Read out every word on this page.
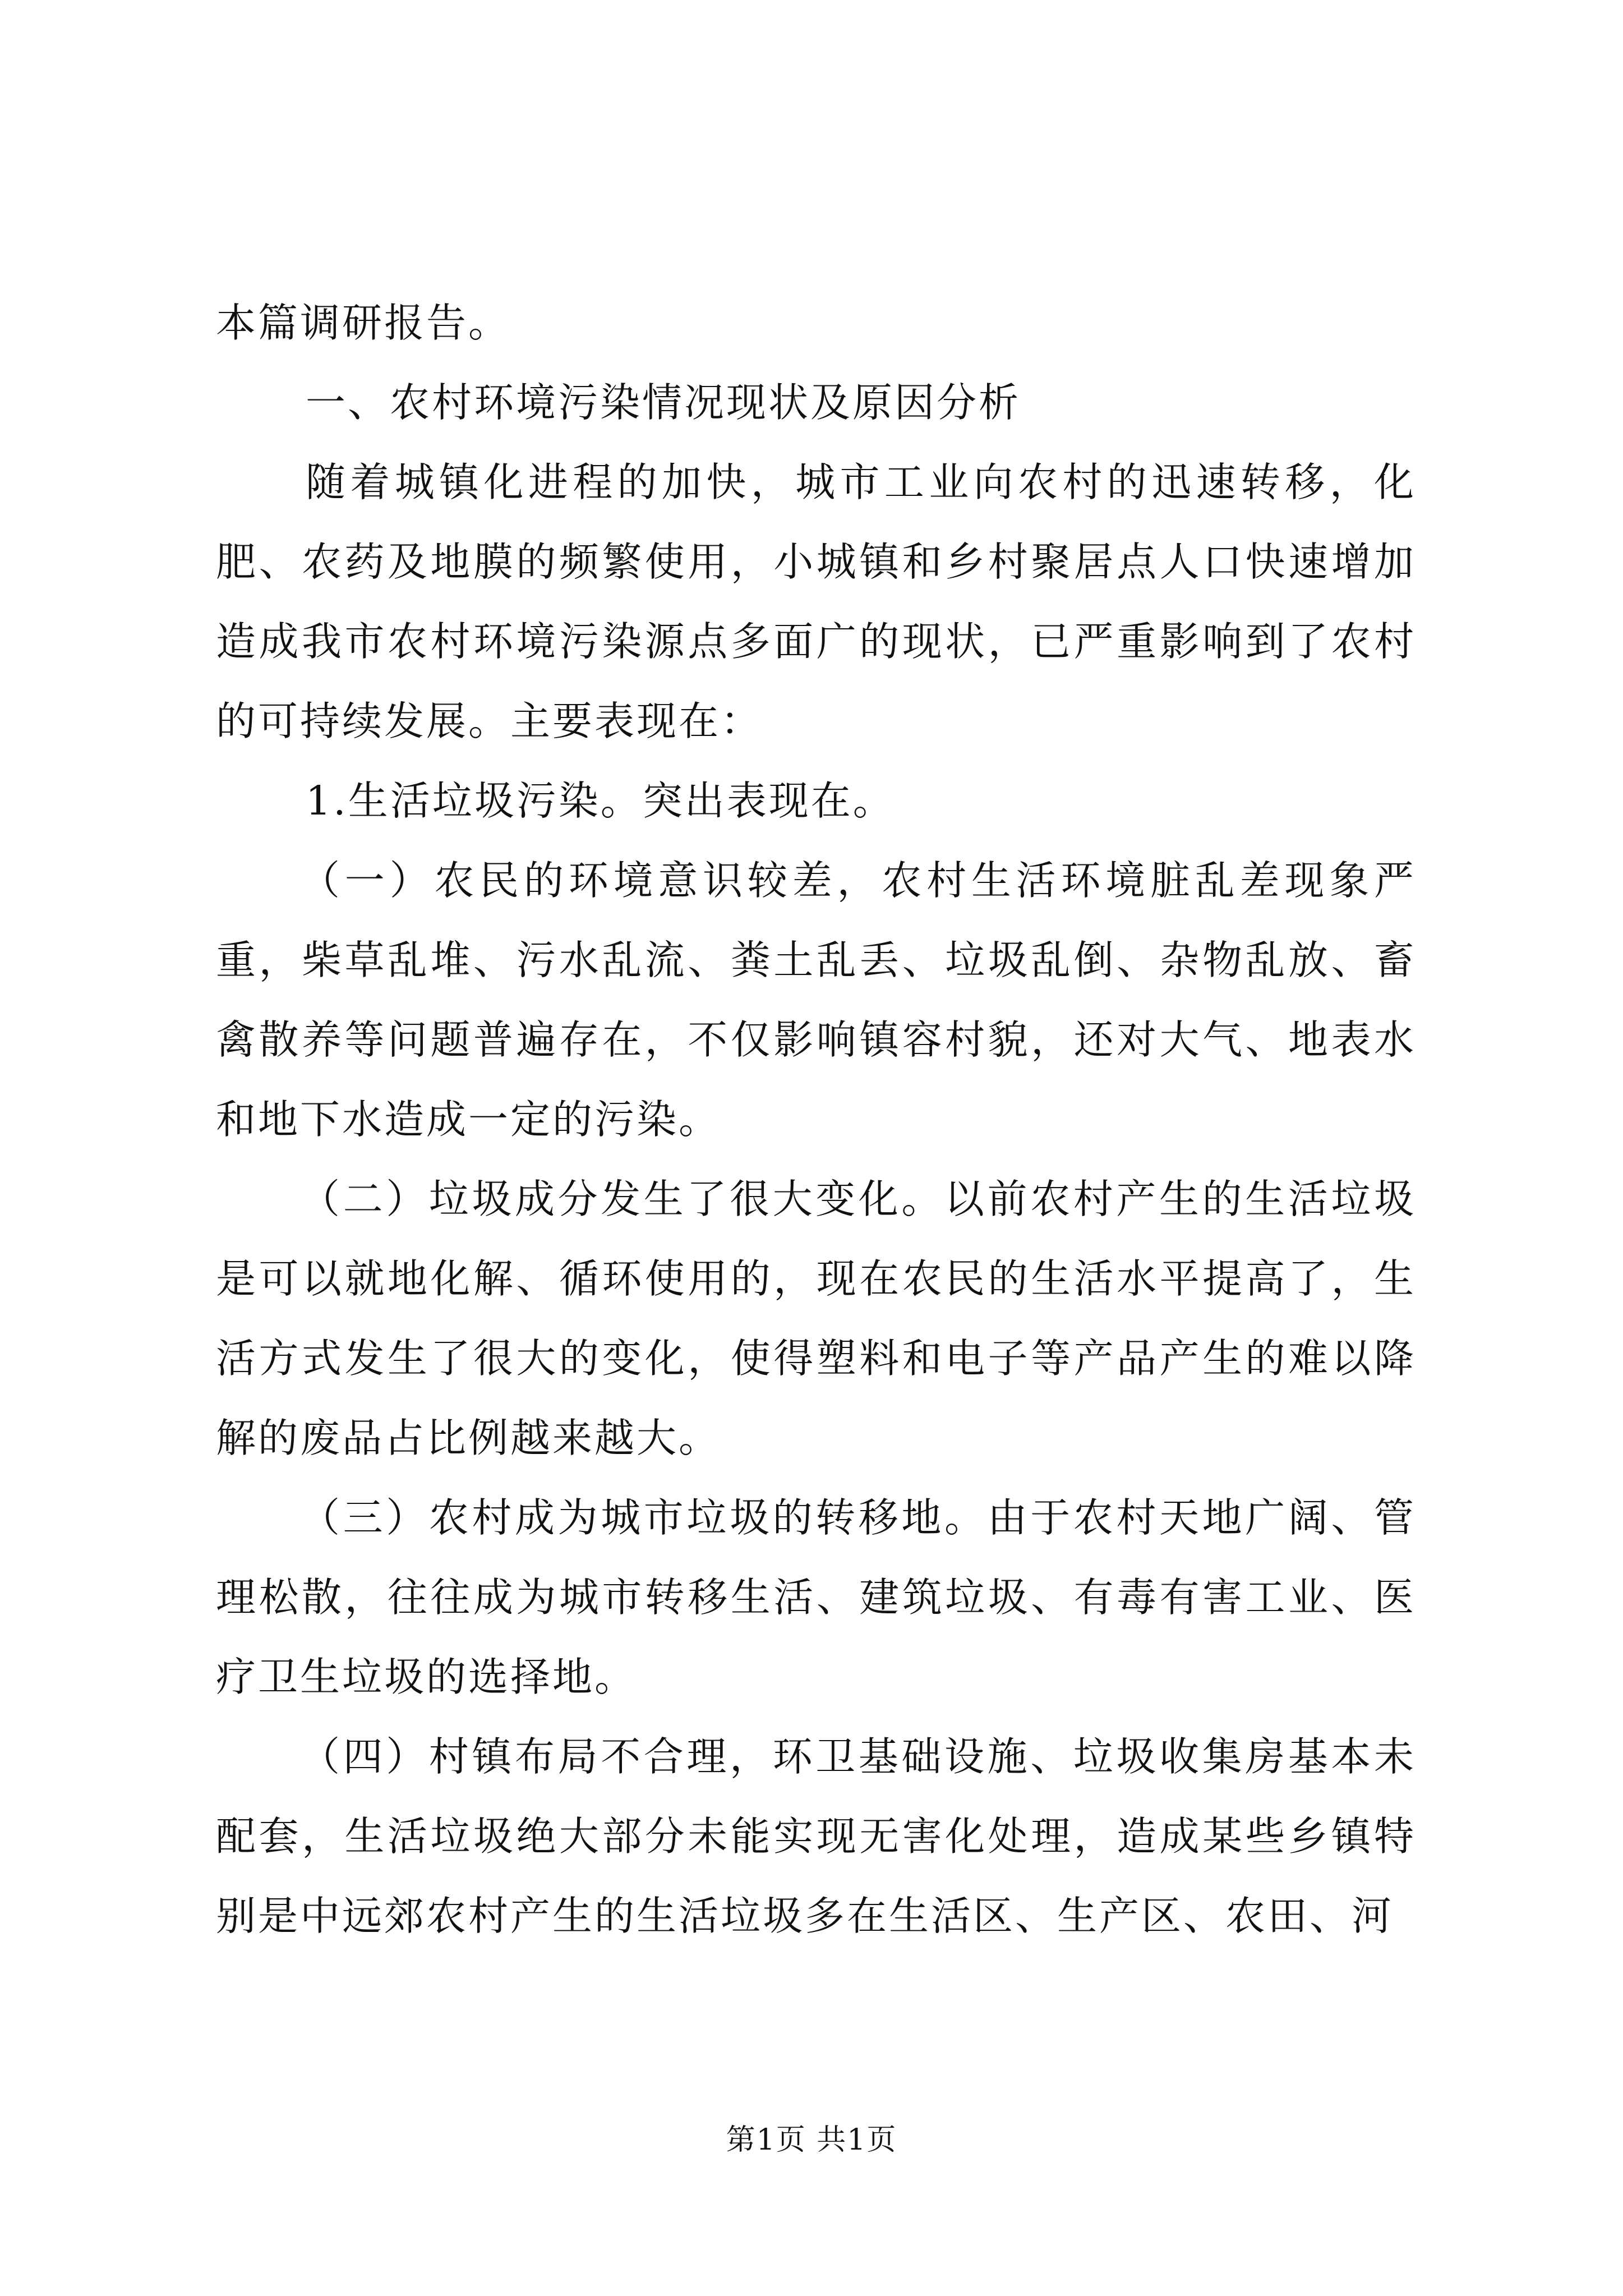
本篇调研报告。

一、农村环境污染情况现状及原因分析

随着城镇化进程的加快，城市工业向农村的迅速转移，化肥、农药及地膜的频繁使用，小城镇和乡村聚居点人口快速增加造成我市农村环境污染源点多面广的现状，已严重影响到了农村的可持续发展。主要表现在：

1.生活垃圾污染。突出表现在。

（一）农民的环境意识较差，农村生活环境脏乱差现象严重，柴草乱堆、污水乱流、粪土乱丢、垃圾乱倒、杂物乱放、畜禽散养等问题普遍存在，不仅影响镇容村貌，还对大气、地表水和地下水造成一定的污染。

（二）垃圾成分发生了很大变化。以前农村产生的生活垃圾是可以就地化解、循环使用的，现在农民的生活水平提高了，生活方式发生了很大的变化，使得塑料和电子等产品产生的难以降解的废品占比例越来越大。

（三）农村成为城市垃圾的转移地。由于农村天地广阔、管理松散，往往成为城市转移生活、建筑垃圾、有毒有害工业、医疗卫生垃圾的选择地。

（四）村镇布局不合理，环卫基础设施、垃圾收集房基本未配套，生活垃圾绝大部分未能实现无害化处理，造成某些乡镇特别是中远郊农村产生的生活垃圾多在生活区、生产区、农田、河

第1页 共1页
